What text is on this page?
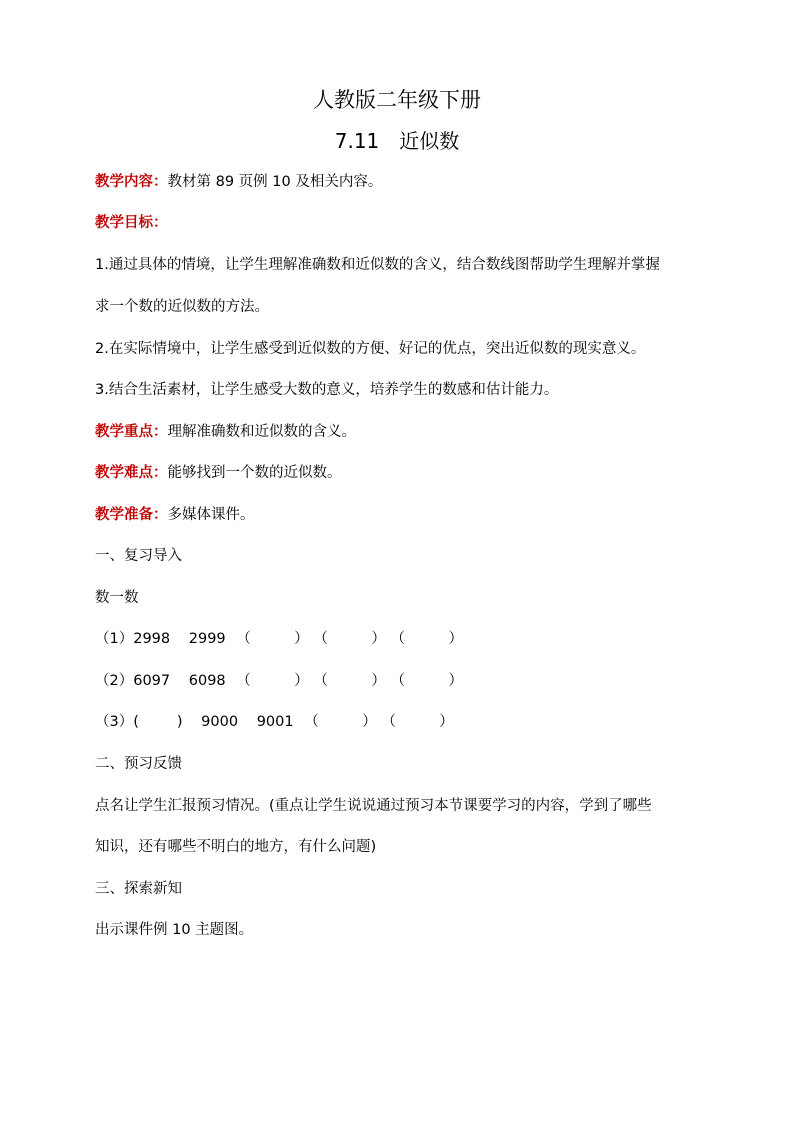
人教版二年级下册
7.11　近似数
教学内容：教材第 89 页例 10 及相关内容。
教学目标：
1.通过具体的情境，让学生理解准确数和近似数的含义，结合数线图帮助学生理解并掌握
求一个数的近似数的方法。
2.在实际情境中，让学生感受到近似数的方便、好记的优点，突出近似数的现实意义。
3.结合生活素材，让学生感受大数的意义，培养学生的数感和估计能力。
教学重点：理解准确数和近似数的含义。
教学难点：能够找到一个数的近似数。
教学准备：多媒体课件。
一、复习导入
数一数
（1）2998 2999 （　　　） （　　　） （　　　）
（2）6097 6098 （　　　） （　　　） （　　　）
（3）(	) 9000 9001 （　　　） （　　　）
二、预习反馈
点名让学生汇报预习情况。(重点让学生说说通过预习本节课要学习的内容，学到了哪些
知识，还有哪些不明白的地方，有什么问题)
三、探索新知
出示课件例 10 主题图。
